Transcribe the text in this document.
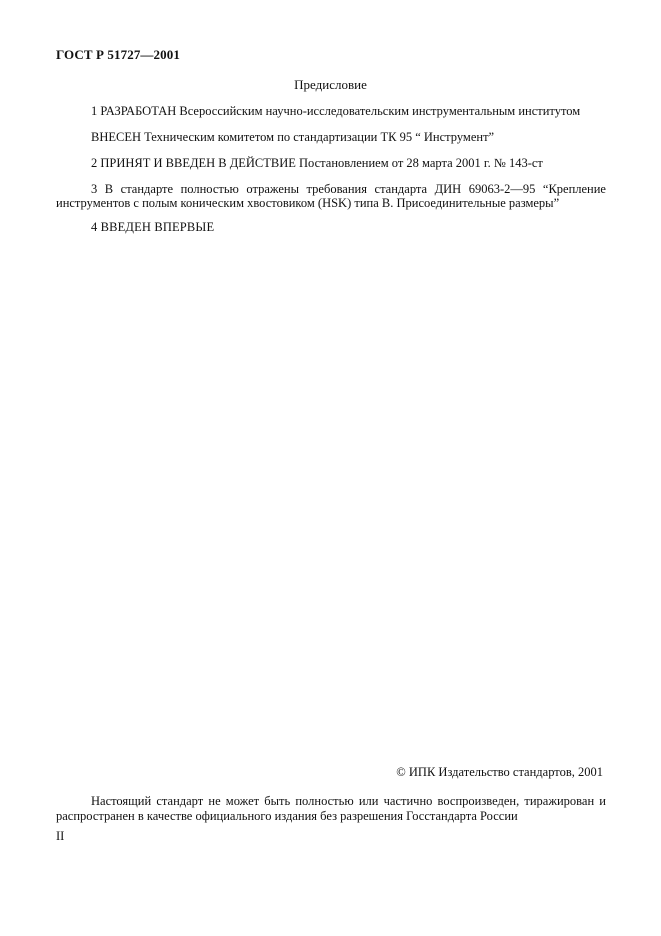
ГОСТ Р 51727—2001
Предисловие
1 РАЗРАБОТАН Всероссийским научно-исследовательским инструментальным институтом
ВНЕСЕН Техническим комитетом по стандартизации ТК 95 “ Инструмент”
2 ПРИНЯТ И ВВЕДЕН В ДЕЙСТВИЕ Постановлением от 28 марта 2001 г. № 143-ст
3 В стандарте полностью отражены требования стандарта ДИН 69063-2—95 “Крепление инструментов с полым коническим хвостовиком (HSK) типа В. Присоединительные размеры”
4 ВВЕДЕН ВПЕРВЫЕ
© ИПК Издательство стандартов, 2001
Настоящий стандарт не может быть полностью или частично воспроизведен, тиражирован и распространен в качестве официального издания без разрешения Госстандарта России
II
